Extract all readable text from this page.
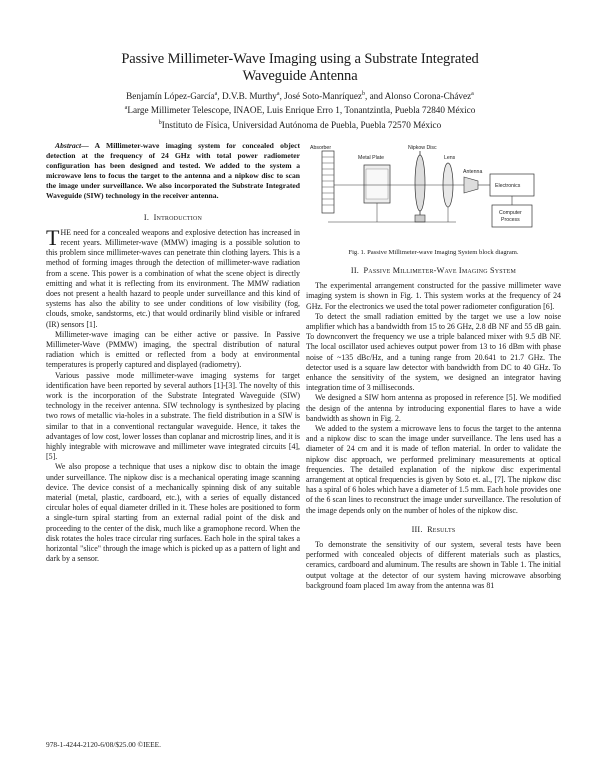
Passive Millimeter-Wave Imaging using a Substrate Integrated
Waveguide Antenna
Benjamín López-García$^a$, D.V.B. Murthy$^a$, José Soto-Manríquez$^b$, and Alonso Corona-Chávez$^a$
$^a$Large Millimeter Telescope, INAOE, Luis Enrique Erro 1, Tonantzintla, Puebla 72840 México
$^b$Instituto de Física, Universidad Autónoma de Puebla, Puebla 72570 México

Abstract— A Millimeter-wave imaging system for concealed object detection at the frequency of 24 GHz with total power radiometer configuration has been designed and tested. We added to the system a microwave lens to focus the target to the antenna and a nipkow disc to scan the image under surveillance. We also incorporated the Substrate Integrated Waveguide (SIW) technology in the receiver antenna.

I. Introduction

THE need for a concealed weapons and explosive detection has increased in recent years. Millimeter-wave (MMW) imaging is a possible solution to this problem since millimeter-waves can penetrate thin clothing layers. This is a method of forming images through the detection of millimeter-wave radiation from a scene. This power is a combination of what the scene object is directly emitting and what it is reflecting from its environment. The MMW radiation does not present a health hazard to people under surveillance and this kind of systems has also the ability to see under conditions of low visibility (fog, clouds, smoke, sandstorms, etc.) that would ordinarily blind visible or infrared (IR) sensors [1].

Millimeter-wave imaging can be either active or passive. In Passive Millimeter-Wave (PMMW) imaging, the spectral distribution of natural radiation which is emitted or reflected from a body at environmental temperatures is properly captured and displayed (radiometry).

Various passive mode millimeter-wave imaging systems for target identification have been reported by several authors [1]-[3]. The novelty of this work is the incorporation of the Substrate Integrated Waveguide (SIW) technology in the receiver antenna. SIW technology is synthesized by placing two rows of metallic via-holes in a substrate. The field distribution in a SIW is similar to that in a conventional rectangular waveguide. Hence, it takes the advantages of low cost, lower losses than coplanar and microstrip lines, and it is highly integrable with microwave and millimeter wave integrated circuits [4], [5].

We also propose a technique that uses a nipkow disc to obtain the image under surveillance. The nipkow disc is a mechanical operating image scanning device. The device consist of a mechanically spinning disk of any suitable material (metal, plastic, cardboard, etc.), with a series of equally distanced circular holes of equal diameter drilled in it. These holes are positioned to form a single-turn spiral starting from an external radial point of the disk and proceeding to the center of the disk, much like a gramophone record. When the disk rotates the holes trace circular ring surfaces. Each hole in the spiral takes a horizontal "slice" through the image which is picked up as a pattern of light and dark by a sensor.

Absorber
Metal Plate
Nipkow Disc
Lens
Antenna
Electronics
Computer
Process

Fig. 1. Passive Millimeter-wave Imaging System block diagram.

II. Passive Millimeter-Wave Imaging System

The experimental arrangement constructed for the passive millimeter wave imaging system is shown in Fig. 1. This system works at the frequency of 24 GHz. For the electronics we used the total power radiometer configuration [6].

To detect the small radiation emitted by the target we use a low noise amplifier which has a bandwidth from 15 to 26 GHz, 2.8 dB NF and 55 dB gain. To downconvert the frequency we use a triple balanced mixer with 9.5 dB NF. The local oscillator used achieves output power from 13 to 16 dBm with phase noise of ~135 dBc/Hz, and a tuning range from 20.641 to 21.7 GHz. The detector used is a square law detector with bandwidth from DC to 40 GHz. To enhance the sensitivity of the system, we designed an integrator having integration time of 3 milliseconds.

We designed a SIW horn antenna as proposed in reference [5]. We modified the design of the antenna by introducing exponential flares to have a wide bandwidth as shown in Fig. 2.

We added to the system a microwave lens to focus the target to the antenna and a nipkow disc to scan the image under surveillance. The lens used has a diameter of 24 cm and it is made of teflon material. In order to validate the nipkow disc approach, we performed preliminary measurements at optical frequencies. The detailed explanation of the nipkow disc experimental arrangement at optical frequencies is given by Soto et. al., [7]. The nipkow disc has a spiral of 6 holes which have a diameter of 1.5 mm. Each hole provides one of the 6 scan lines to reconstruct the image under surveillance. The resolution of the image depends only on the number of holes of the nipkow disc.

III. Results

To demonstrate the sensitivity of our system, several tests have been performed with concealed objects of different materials such as plastics, ceramics, cardboard and aluminum. The results are shown in Table 1. The initial output voltage at the detector of our system having microwave absorbing background foam placed 1m away from the antenna was 81

978-1-4244-2120-6/08/$25.00 ©IEEE.
